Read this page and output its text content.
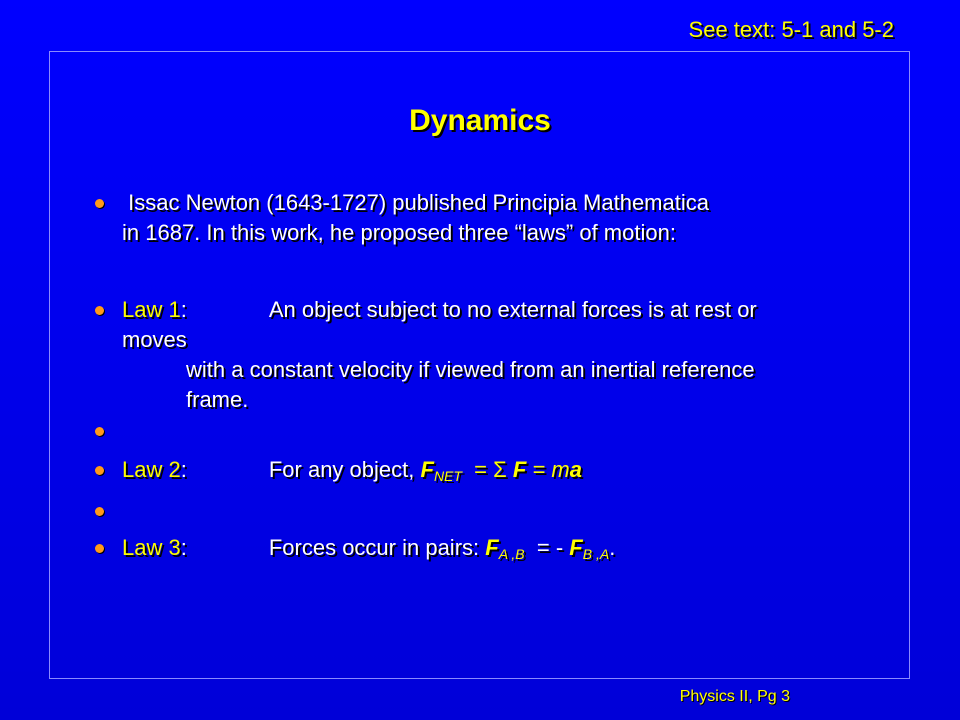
See text: 5-1 and 5-2
Dynamics
Issac Newton (1643-1727) published Principia Mathematica
in 1687. In this work, he proposed three “laws” of motion:
Law 1:	An object subject to no external forces is at rest or
moves
with a constant velocity if viewed from an inertial reference
frame.

Law 2:	For any object, $F_{NET} = \Sigma$ F = ma

Law 3:	Forces occur in pairs: $F_{A ,B}$  = - $F_{B ,A}$.
Physics II, Pg 3
